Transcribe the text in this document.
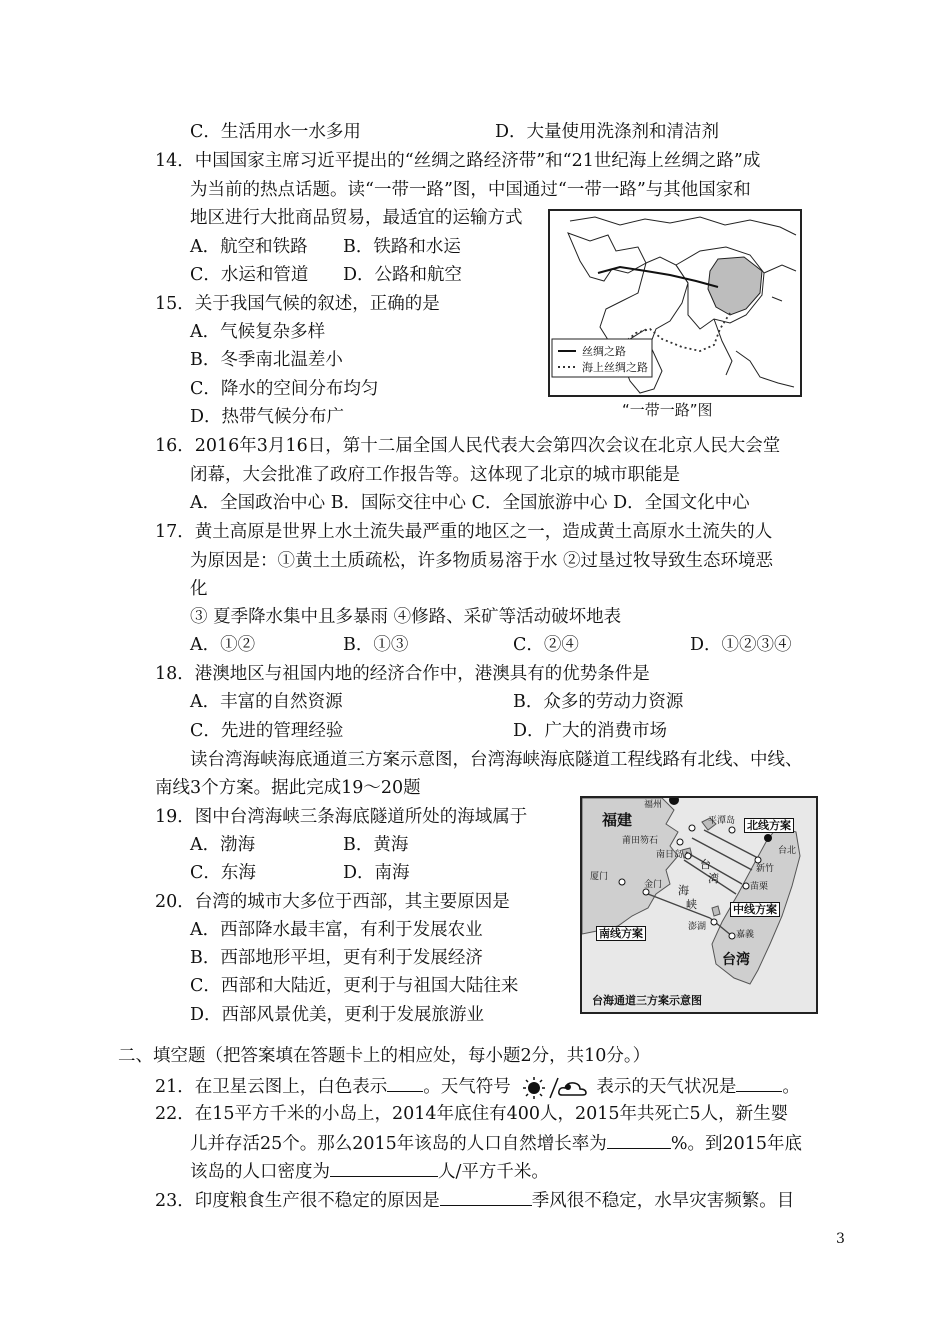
C．生活用水一水多用	D．大量使用洗涤剂和清洁剂
14．中国国家主席习近平提出的“丝绸之路经济带”和“21世纪海上丝绸之路”成
为当前的热点话题。读“一带一路”图，中国通过“一带一路”与其他国家和
地区进行大批商品贸易，最适宜的运输方式
A．航空和铁路 B．铁路和水运
C．水运和管道 D．公路和航空
丝绸之路
海上丝绸之路
“一带一路”图
15．关于我国气候的叙述，正确的是
A．气候复杂多样
B．冬季南北温差小
C．降水的空间分布均匀
D．热带气候分布广
16．2016年3月16日，第十二届全国人民代表大会第四次会议在北京人民大会堂
闭幕，大会批准了政府工作报告等。这体现了北京的城市职能是
A．全国政治中心 B．国际交往中心 C．全国旅游中心 D．全国文化中心
17．黄土高原是世界上水土流失最严重的地区之一，造成黄土高原水土流失的人
为原因是：①黄土土质疏松，许多物质易溶于水 ②过垦过牧导致生态环境恶
化
③ 夏季降水集中且多暴雨 ④修路、采矿等活动破坏地表
A．①②	B．①③	C．②④	D．①②③④
18．港澳地区与祖国内地的经济合作中，港澳具有的优势条件是
A．丰富的自然资源	B．众多的劳动力资源
C．先进的管理经验	D．广大的消费市场
读台湾海峡海底通道三方案示意图，台湾海峡海底隧道工程线路有北线、中线、
南线3个方案。据此完成19～20题
19．图中台湾海峡三条海底隧道所处的海域属于
A．渤海	B．黄海
C．东海	D．南海
20．台湾的城市大多位于西部，其主要原因是
A．西部降水最丰富，有利于发展农业
B．西部地形平坦，更有利于发展经济
C．西部和大陆近，更利于与祖国大陆往来
D．西部风景优美，更利于发展旅游业
福建
福州
平潭岛
莆田笏石
南日岛
厦门
金门
澎湖
台北
新竹
苗栗
嘉義
台湾
台
湾
海
峡
北线方案
中线方案
南线方案
台海通道三方案示意图
二、填空题（把答案填在答题卡上的相应处，每小题2分，共10分。）
21．在卫星云图上，白色表示 。天气符号	表示的天气状况是	。
22．在15平方千米的小岛上，2014年底住有400人，2015年共死亡5人，新生婴
儿并存活25个。那么2015年该岛的人口自然增长率为	%。到2015年底
该岛的人口密度为	人/平方千米。
23．印度粮食生产很不稳定的原因是	季风很不稳定，水旱灾害频繁。目
3
